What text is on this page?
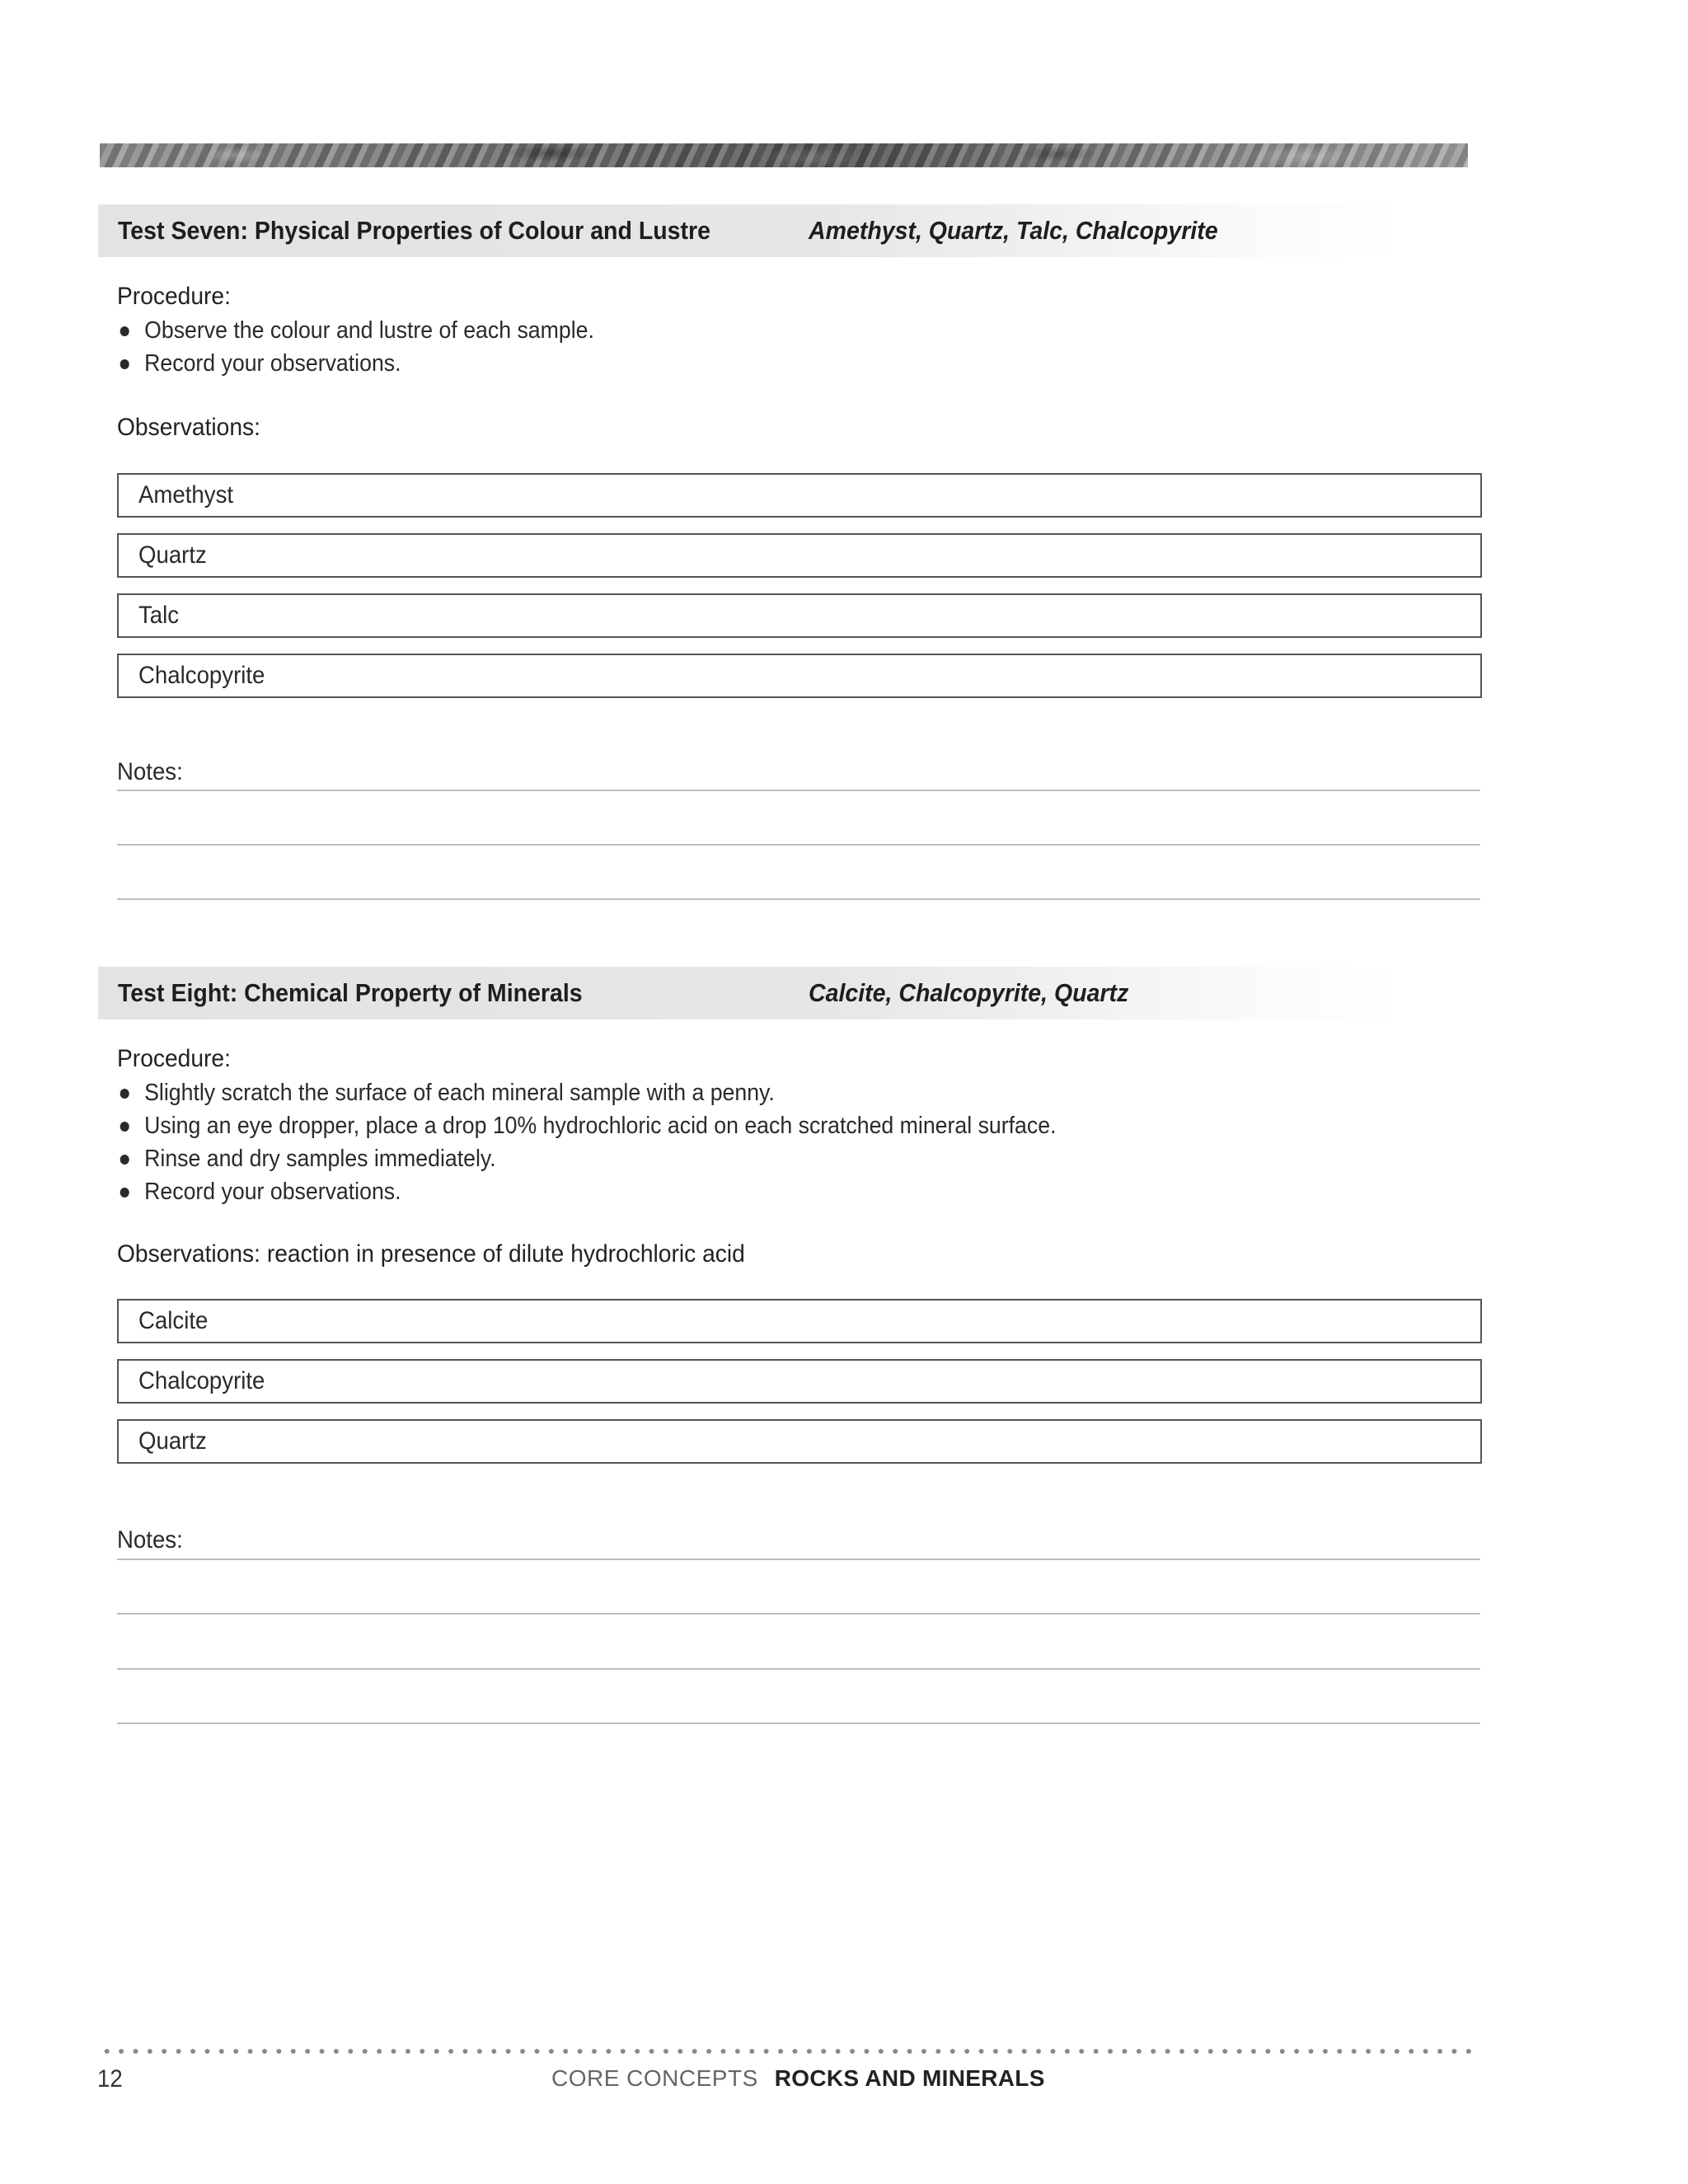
Test Seven: Physical Properties of Colour and Lustre	Amethyst, Quartz, Talc, Chalcopyrite
Procedure:
Observe the colour and lustre of each sample.
Record your observations.
Observations:
Amethyst
Quartz
Talc
Chalcopyrite
Notes:
Test Eight: Chemical Property of Minerals	Calcite, Chalcopyrite, Quartz
Procedure:
Slightly scratch the surface of each mineral sample with a penny.
Using an eye dropper, place a drop 10% hydrochloric acid on each scratched mineral surface.
Rinse and dry samples immediately.
Record your observations.
Observations: reaction in presence of dilute hydrochloric acid
Calcite
Chalcopyrite
Quartz
Notes:
12	CORE CONCEPTS ROCKS AND MINERALS
